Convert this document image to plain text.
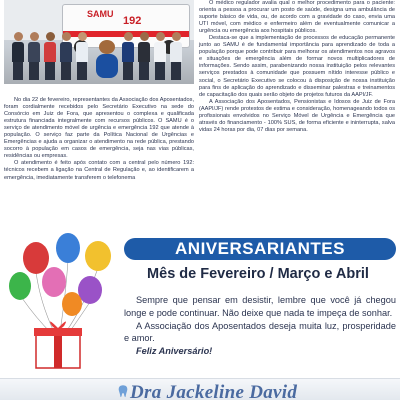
SAMU
192

No dia 22 de fevereiro, representantes da Associação dos Aposentados, foram cordialmente recebidos pelo Secretário Executivo na sede do Consórcio em Juiz de Fora, que apresentou o complexa e qualificada estrutura financiada integralmente com recursos públicos. O SAMU é o serviço de atendimento móvel de urgência e emergência 192 que atende à população. O serviço faz parte da Política Nacional de Urgências e Emergências e ajuda a organizar o atendimento na rede pública, prestando socorro à população em casos de emergência, seja nas vias públicas, residências ou empresas.

O atendimento é feito após contato com a central pelo número 192: técnicos recebem a ligação na Central de Regulação e, ao identificarem a emergência, imediatamente transferem o telefonema

O médico regulador avalia qual o melhor procedimento para o paciente: orienta a pessoa a procurar um posto de saúde, designa uma ambulância de suporte básico de vida, ou, de acordo com a gravidade do caso, envia uma UTI móvel, com médico e enfermeiro além de eventualmente comunicar a urgência ou emergência aos hospitais públicos.

Destaca-se que a implementação de processos de educação permanente junto ao SAMU é de fundamental importância para aprendizado de toda a população porque pode contribuir para melhorar os atendimentos nos agravos e situações de emergência além de formar novos multiplicadores de informações. Sendo assim, parabenizando nossa instituição pelos relevantes serviços prestados à comunidade que possuem nítido interesse público e social, o Secretário Executivo se colocou à disposição de nossa instituição para fins de aplicação do aprendizado e disseminar palestras e treinamentos de capacitação dos quais serão objeto de projetos futuros da AAPI/JF.

A Associação dos Aposentados, Pensionistas e Idosos de Juiz de Fora (AAPI/JF) rende protestos de estima e consideração, homenageando todos os profissionais envolvidos no Serviço Móvel de Urgência e Emergência que através do financiamento - 100% SUS, de forma eficiente e ininterrupta, salva vidas 24 horas por dia, 07 dias por semana.

ANIVERSARIANTES
Mês de Fevereiro / Março e Abril

Sempre que pensar em desistir, lembre que você já chegou longe e pode continuar. Não deixe que nada te impeça de sonhar.

A Associação dos Aposentados deseja muita luz, prosperidade e amor.

Feliz Aniversário!

Dra Jackeline David
